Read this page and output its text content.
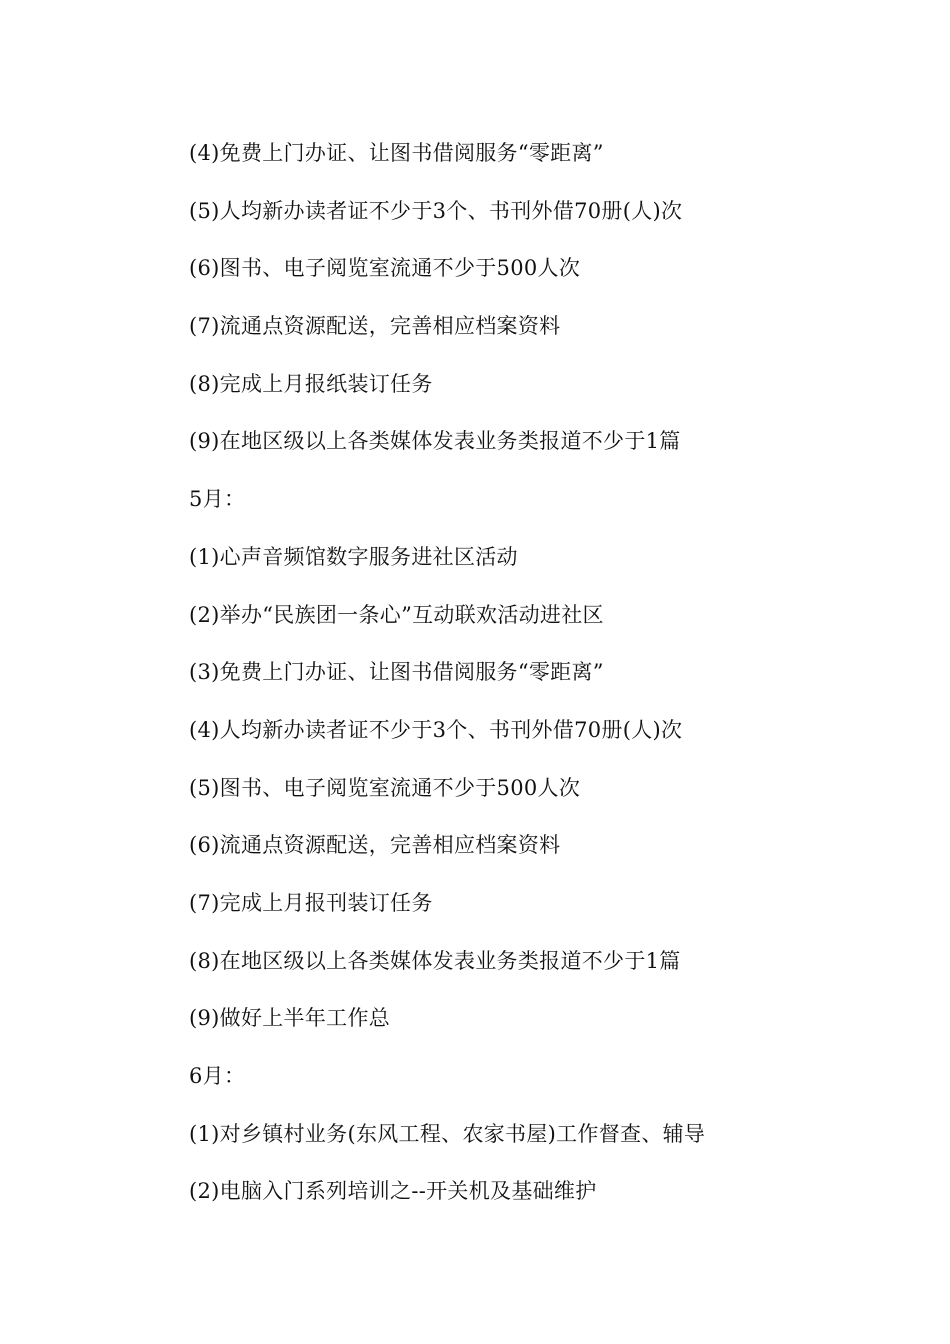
(4)免费上门办证、让图书借阅服务“零距离”
(5)人均新办读者证不少于3个、书刊外借70册(人)次
(6)图书、电子阅览室流通不少于500人次
(7)流通点资源配送，完善相应档案资料
(8)完成上月报纸装订任务
(9)在地区级以上各类媒体发表业务类报道不少于1篇
5月：
(1)心声音频馆数字服务进社区活动
(2)举办“民族团一条心”互动联欢活动进社区
(3)免费上门办证、让图书借阅服务“零距离”
(4)人均新办读者证不少于3个、书刊外借70册(人)次
(5)图书、电子阅览室流通不少于500人次
(6)流通点资源配送，完善相应档案资料
(7)完成上月报刊装订任务
(8)在地区级以上各类媒体发表业务类报道不少于1篇
(9)做好上半年工作总
6月：
(1)对乡镇村业务(东风工程、农家书屋)工作督查、辅导
(2)电脑入门系列培训之--开关机及基础维护
